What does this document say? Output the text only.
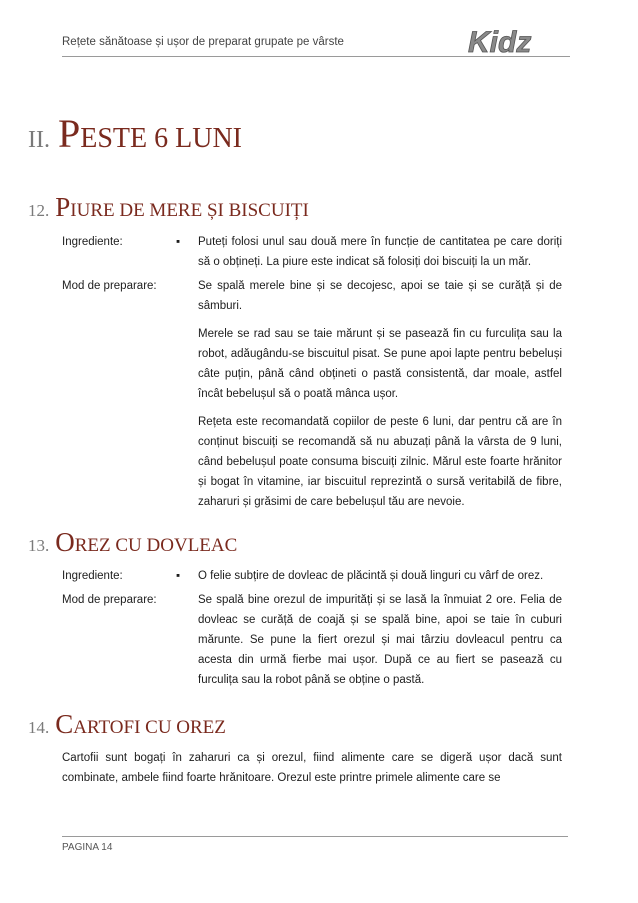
Rețete sănătoase și ușor de preparat grupate pe vârste	Kidz
II. PESTE 6 LUNI
12. PIURE DE MERE ȘI BISCUIȚI
Ingrediente:	▪	Puteți folosi unul sau două mere în funcție de cantitatea pe care doriți să o obțineți. La piure este indicat să folosiți doi biscuiți la un măr.
Mod de preparare:	Se spală merele bine și se decojesc, apoi se taie și se curăță și de sâmburi.

Merele se rad sau se taie mărunt și se pasează fin cu furculița sau la robot, adăugându-se biscuitul pisat. Se pune apoi lapte pentru bebeluși câte puțin, până când obțineti o pastă consistentă, dar moale, astfel încât bebelușul să o poată mânca ușor.

Rețeta este recomandată copiilor de peste 6 luni, dar pentru că are în conținut biscuiți se recomandă să nu abuzați până la vârsta de 9 luni, când bebelușul poate consuma biscuiți zilnic. Mărul este foarte hrănitor și bogat în vitamine, iar biscuitul reprezintă o sursă veritabilă de fibre, zaharuri și grăsimi de care bebelușul tău are nevoie.

13. OREZ CU DOVLEAC
Ingrediente:	▪	O felie subțire de dovleac de plăcintă și două linguri cu vârf de orez.
Mod de preparare:	Se spală bine orezul de impurități și se lasă la înmuiat 2 ore. Felia de dovleac se curăță de coajă și se spală bine, apoi se taie în cuburi mărunte. Se pune la fiert orezul și mai târziu dovleacul pentru ca acesta din urmă fierbe mai ușor. După ce au fiert se pasează cu furculița sau la robot până se obține o pastă.

14. CARTOFI CU OREZ
Cartofii sunt bogați în zaharuri ca și orezul, fiind alimente care se digeră ușor dacă sunt combinate, ambele fiind foarte hrănitoare. Orezul este printre primele alimente care se
PAGINA 14
